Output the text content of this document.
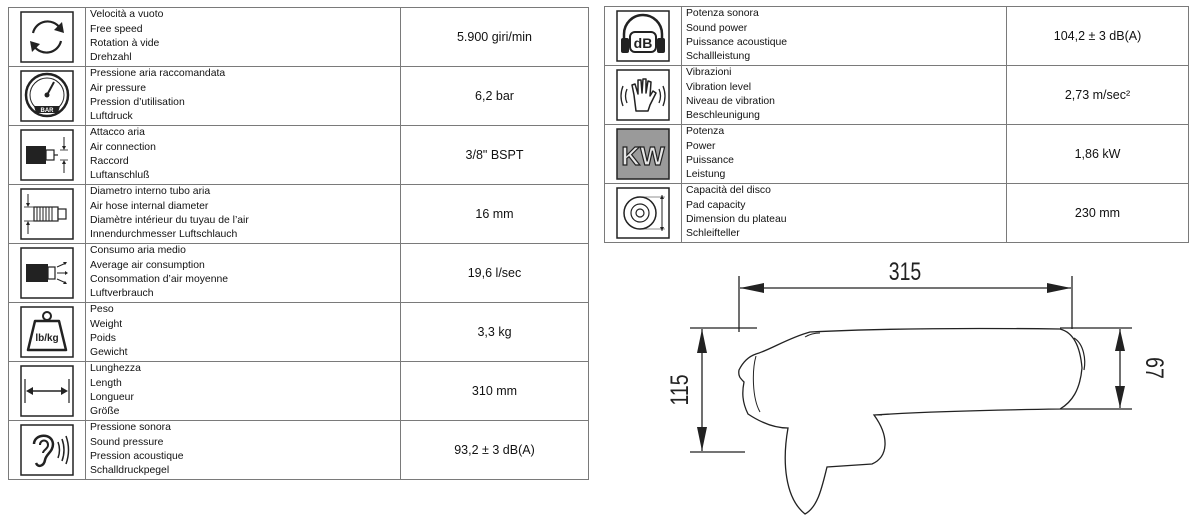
Velocità a vuoto
Free speed
Rotation à vide
Drehzahl	5.900 giri/min

BAR	Pressione aria raccomandata
Air pressure
Pression d’utilisation
Luftdruck	6,2 bar

Attacco aria
Air connection
Raccord
Luftanschluß	3/8" BSPT

Diametro interno tubo aria
Air hose internal diameter
Diamètre intérieur du tuyau de l’air
Innendurchmesser Luftschlauch	16 mm

Consumo aria medio
Average air consumption
Consommation d’air moyenne
Luftverbrauch	19,6 l/sec

lb/kg	Peso
Weight
Poids
Gewicht	3,3 kg

Lunghezza
Length
Longueur
Größe	310 mm

Pressione sonora
Sound pressure
Pression acoustique
Schalldruckpegel	93,2 ± 3 dB(A)
dB	Potenza sonora
Sound power
Puissance acoustique
Schallleistung	104,2 ± 3 dB(A)

Vibrazioni
Vibration level
Niveau de vibration
Beschleunigung	2,73 m/sec²

KW	Potenza
Power
Puissance
Leistung	1,86 kW

Capacità del disco
Pad capacity
Dimension du plateau
Schleifteller	230 mm
315
115
67
